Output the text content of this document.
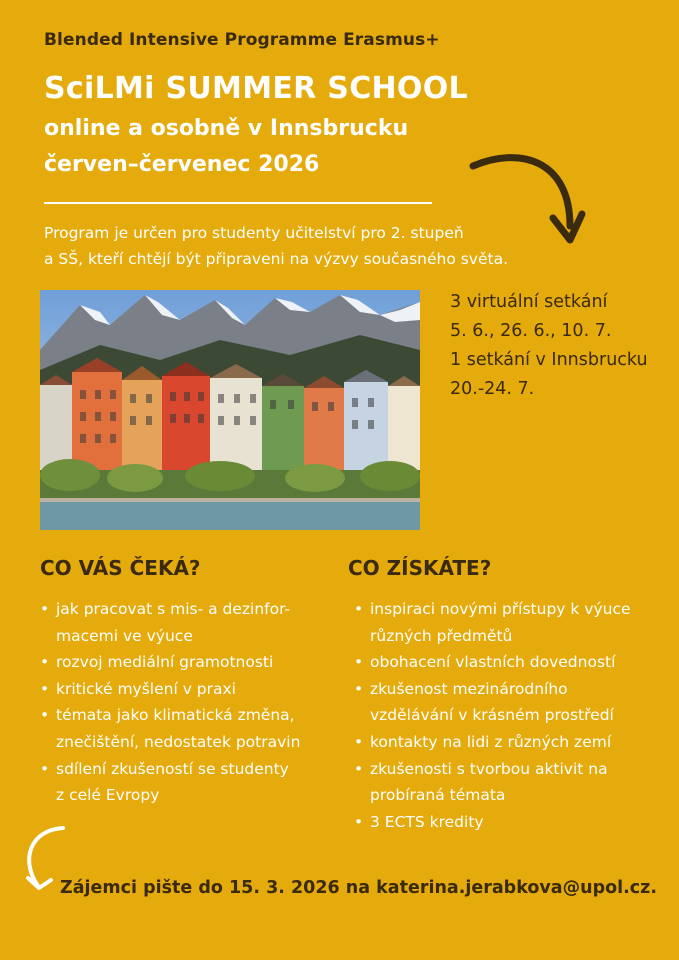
Blended Intensive Programme Erasmus+
SciLMi SUMMER SCHOOL
online a osobně v Innsbrucku
červen–červenec 2026
Program je určen pro studenty učitelství pro 2. stupeň
a SŠ, kteří chtějí být připraveni na výzvy současného světa.
3 virtuální setkání
5. 6., 26. 6., 10. 7.
1 setkání v Innsbrucku
20.-24. 7.
CO VÁS ČEKÁ?	CO ZÍSKÁTE?
• jak pracovat s mis- a dezinfor-
macemi ve výuce
• rozvoj mediální gramotnosti
• kritické myšlení v praxi
• témata jako klimatická změna,
znečištění, nedostatek potravin
• sdílení zkušeností se studenty
z celé Evropy
• inspiraci novými přístupy k výuce
různých předmětů
• obohacení vlastních dovedností
• zkušenost mezinárodního
vzdělávání v krásném prostředí
• kontakty na lidi z různých zemí
• zkušenosti s tvorbou aktivit na
probíraná témata
• 3 ECTS kredity
Zájemci pište do 15. 3. 2026 na katerina.jerabkova@upol.cz.
